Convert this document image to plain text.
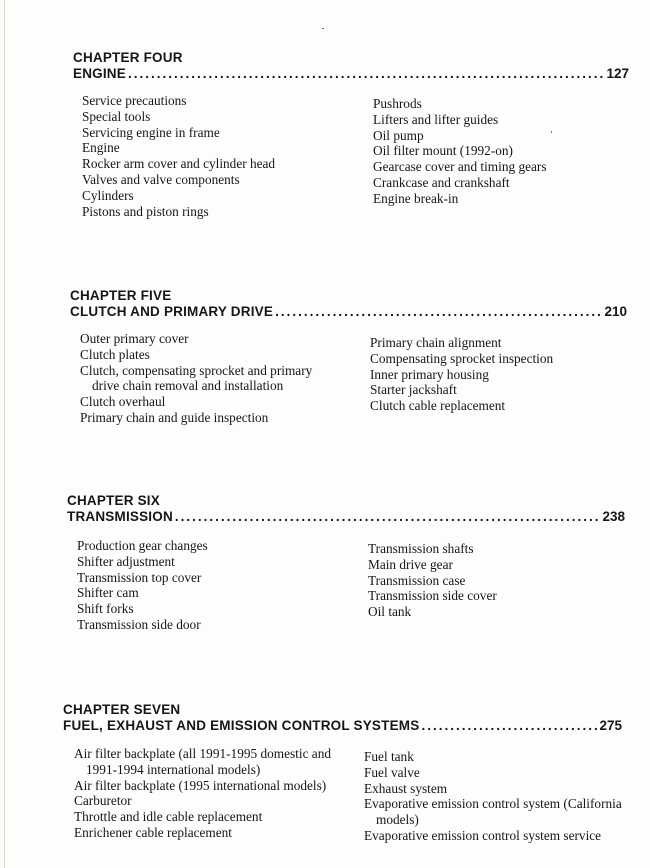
CHAPTER FOUR
ENGINE .....	127
Service precautions
Special tools
Servicing engine in frame
Engine
Rocker arm cover and cylinder head
Valves and valve components
Cylinders
Pistons and piston rings
Pushrods
Lifters and lifter guides
Oil pump
Oil filter mount (1992-on)
Gearcase cover and timing gears
Crankcase and crankshaft
Engine break-in
CHAPTER FIVE
CLUTCH AND PRIMARY DRIVE .....	210
Outer primary cover
Clutch plates
Clutch, compensating sprocket and primary
drive chain removal and installation
Clutch overhaul
Primary chain and guide inspection
Primary chain alignment
Compensating sprocket inspection
Inner primary housing
Starter jackshaft
Clutch cable replacement
CHAPTER SIX
TRANSMISSION .....	238
Production gear changes
Shifter adjustment
Transmission top cover
Shifter cam
Shift forks
Transmission side door
Transmission shafts
Main drive gear
Transmission case
Transmission side cover
Oil tank
CHAPTER SEVEN
FUEL, EXHAUST AND EMISSION CONTROL SYSTEMS .....	275
Air filter backplate (all 1991-1995 domestic and
1991-1994 international models)
Air filter backplate (1995 international models)
Carburetor
Throttle and idle cable replacement
Enrichener cable replacement
Fuel tank
Fuel valve
Exhaust system
Evaporative emission control system (California
models)
Evaporative emission control system service
